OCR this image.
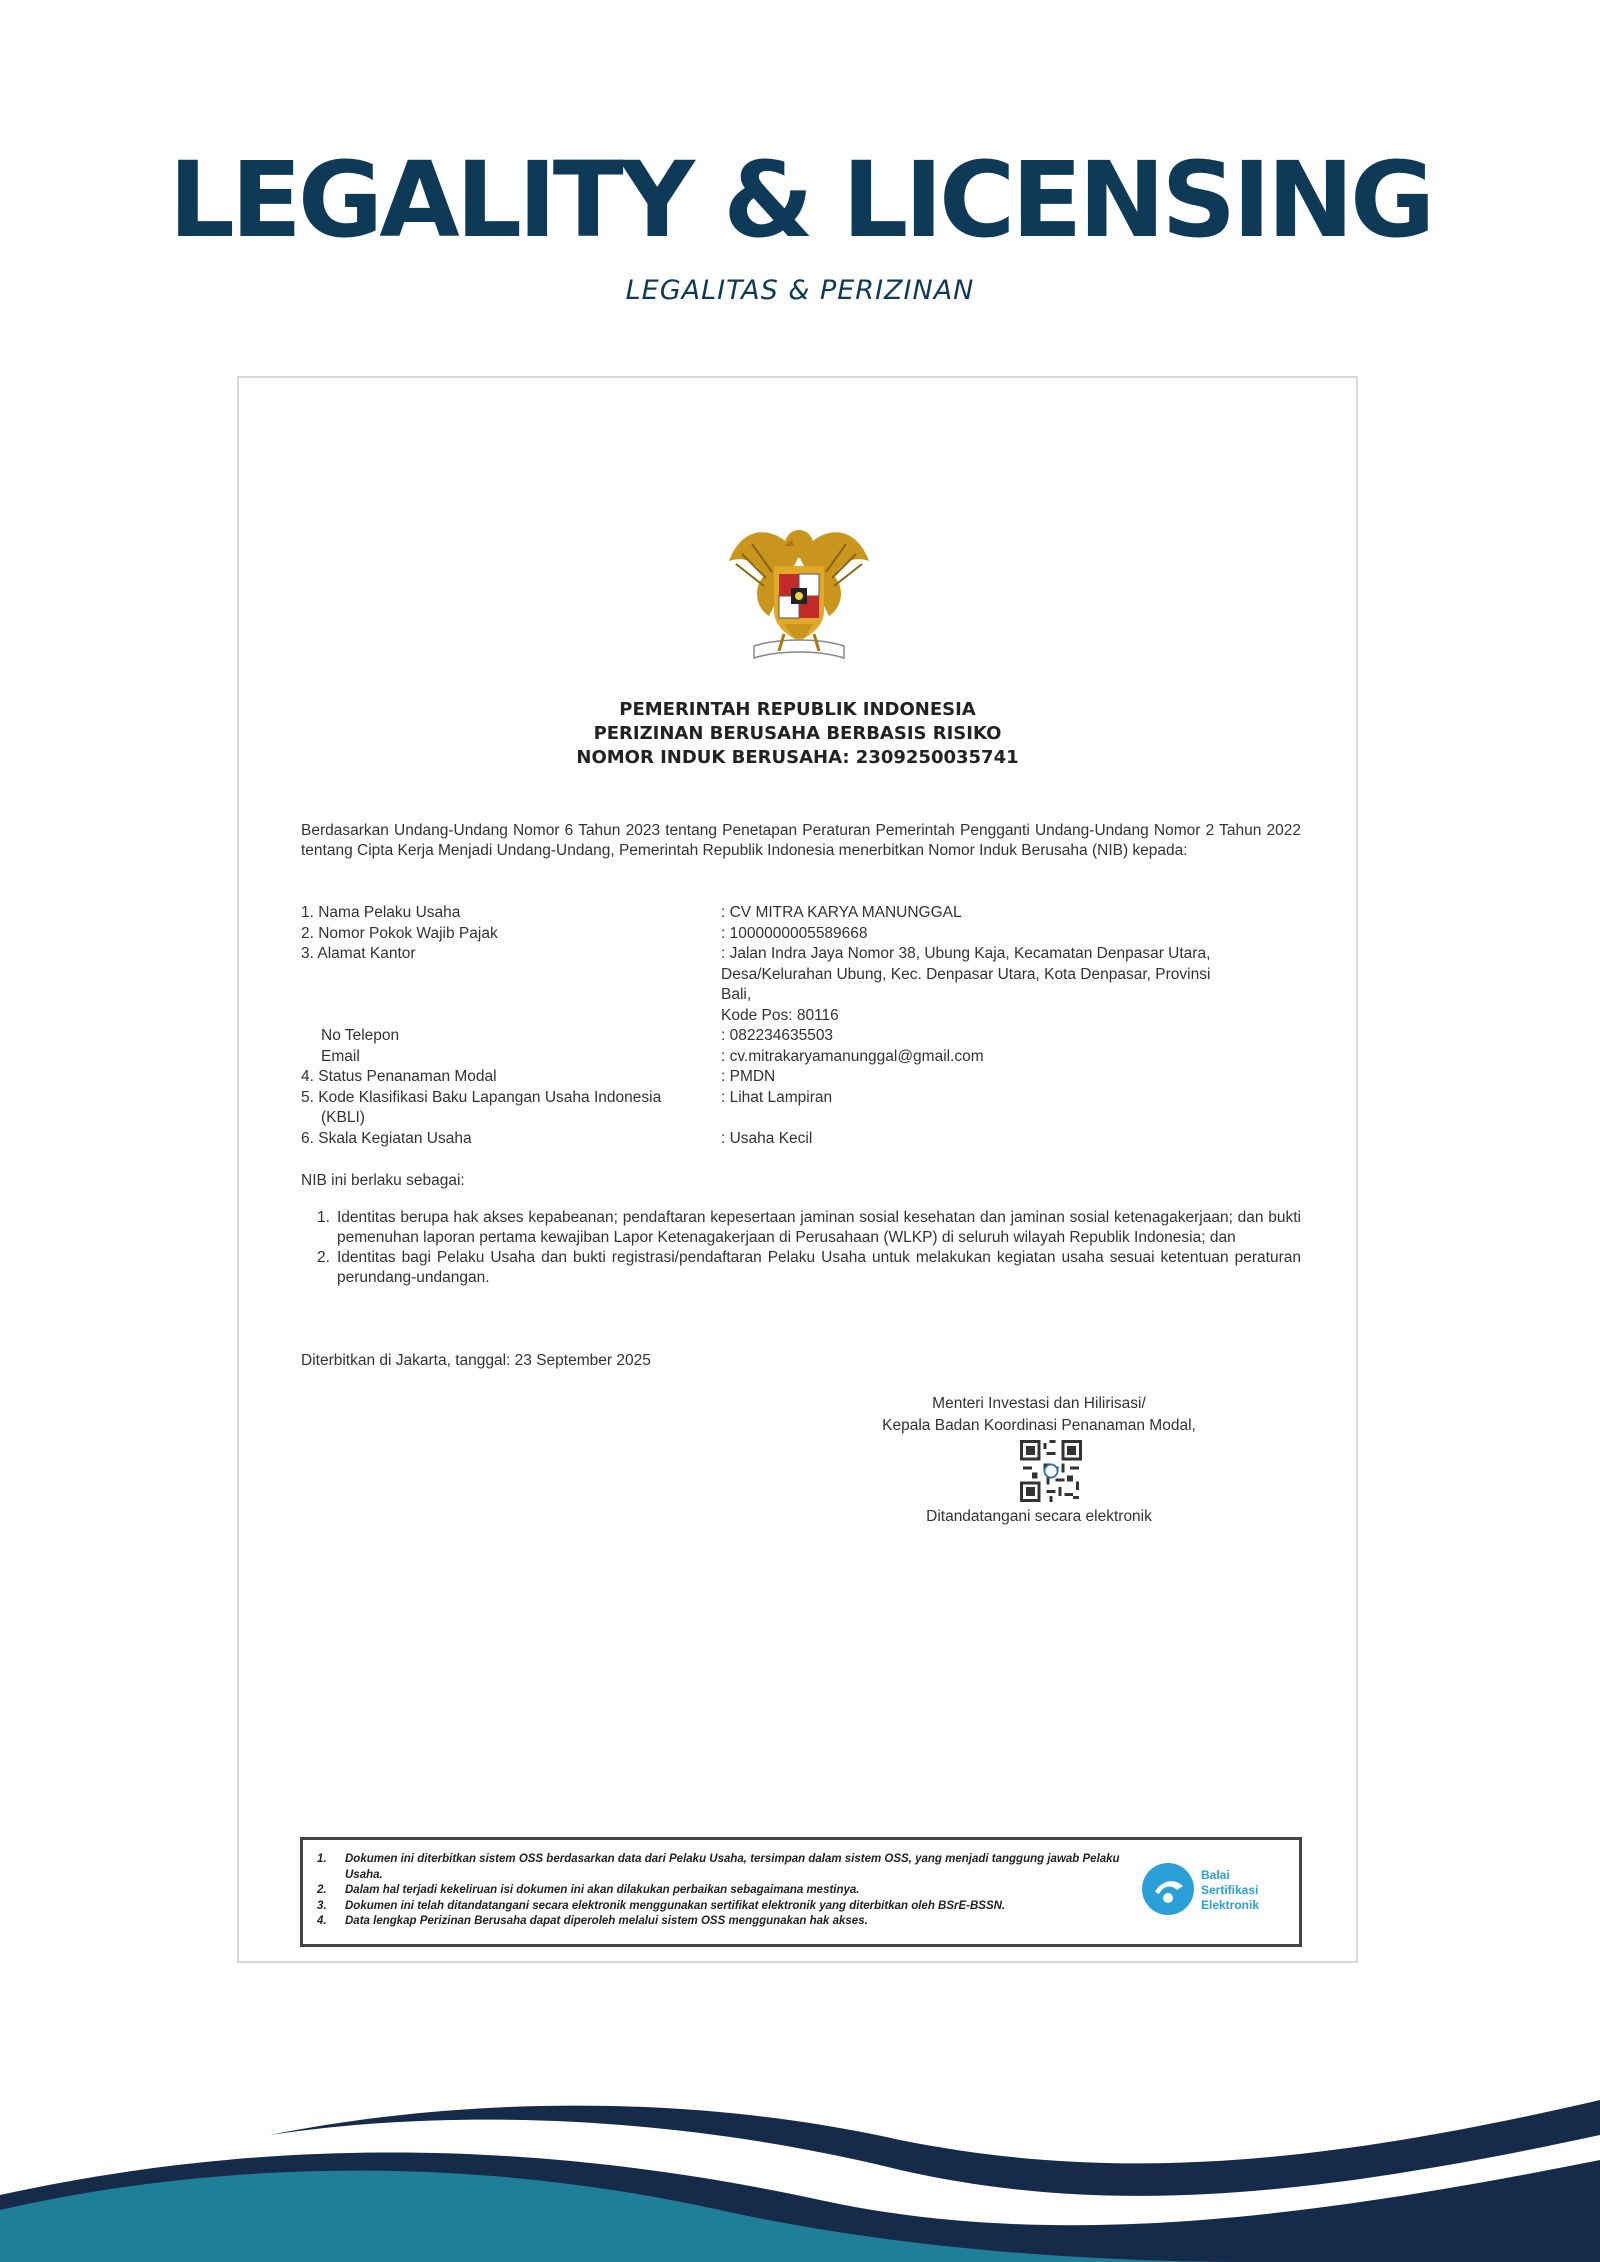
LEGALITY & LICENSING
LEGALITAS & PERIZINAN
PEMERINTAH REPUBLIK INDONESIA
PERIZINAN BERUSAHA BERBASIS RISIKO
NOMOR INDUK BERUSAHA: 2309250035741
Berdasarkan Undang-Undang Nomor 6 Tahun 2023 tentang Penetapan Peraturan Pemerintah Pengganti Undang-Undang Nomor 2 Tahun 2022 tentang Cipta Kerja Menjadi Undang-Undang, Pemerintah Republik Indonesia menerbitkan Nomor Induk Berusaha (NIB) kepada:
1. Nama Pelaku Usaha	: CV MITRA KARYA MANUNGGAL
2. Nomor Pokok Wajib Pajak	: 1000000005589668
3. Alamat Kantor	: Jalan Indra Jaya Nomor 38, Ubung Kaja, Kecamatan Denpasar Utara,
Desa/Kelurahan Ubung, Kec. Denpasar Utara, Kota Denpasar, Provinsi
Bali,
Kode Pos: 80116
No Telepon	: 082234635503
Email	: cv.mitrakaryamanunggal@gmail.com
4. Status Penanaman Modal	: PMDN
5. Kode Klasifikasi Baku Lapangan Usaha Indonesia	: Lihat Lampiran
(KBLI)
6. Skala Kegiatan Usaha	: Usaha Kecil
NIB ini berlaku sebagai:
1. Identitas berupa hak akses kepabeanan; pendaftaran kepesertaan jaminan sosial kesehatan dan jaminan sosial ketenagakerjaan; dan bukti pemenuhan laporan pertama kewajiban Lapor Ketenagakerjaan di Perusahaan (WLKP) di seluruh wilayah Republik Indonesia; dan
2. Identitas bagi Pelaku Usaha dan bukti registrasi/pendaftaran Pelaku Usaha untuk melakukan kegiatan usaha sesuai ketentuan peraturan perundang-undangan.
Diterbitkan di Jakarta, tanggal: 23 September 2025
Menteri Investasi dan Hilirisasi/
Kepala Badan Koordinasi Penanaman Modal,
Ditandatangani secara elektronik
1.	Dokumen ini diterbitkan sistem OSS berdasarkan data dari Pelaku Usaha, tersimpan dalam sistem OSS, yang menjadi tanggung jawab Pelaku Usaha.
2.	Dalam hal terjadi kekeliruan isi dokumen ini akan dilakukan perbaikan sebagaimana mestinya.
3.	Dokumen ini telah ditandatangani secara elektronik menggunakan sertifikat elektronik yang diterbitkan oleh BSrE-BSSN.
4.	Data lengkap Perizinan Berusaha dapat diperoleh melalui sistem OSS menggunakan hak akses.
Balai
Sertifikasi
Elektronik
